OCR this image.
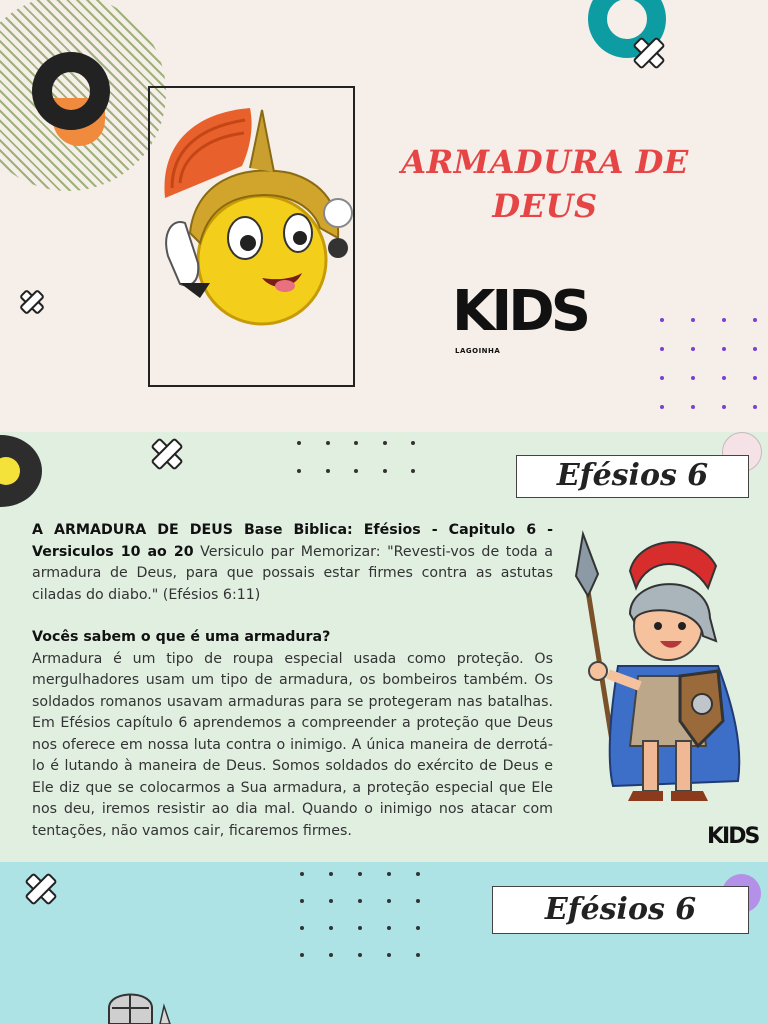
ARMADURA DE DEUS
KIDS
LAGOINHA
Efésios 6

A ARMADURA DE DEUS Base Biblica: Efésios - Capitulo 6 - Versiculos 10 ao 20 Versiculo par Memorizar: "Revesti-vos de toda a armadura de Deus, para que possais estar firmes contra as astutas ciladas do diabo." (Efésios 6:11)

Vocês sabem o que é uma armadura?

Armadura é um tipo de roupa especial usada como proteção. Os mergulhadores usam um tipo de armadura, os bombeiros também. Os soldados romanos usavam armaduras para se protegeram nas batalhas. Em Efésios capítulo 6 aprendemos a compreender a proteção que Deus nos oferece em nossa luta contra o inimigo. A única maneira de derrotá-lo é lutando à maneira de Deus. Somos soldados do exército de Deus e Ele diz que se colocarmos a Sua armadura, a proteção especial que Ele nos deu, iremos resistir ao dia mal. Quando o inimigo nos atacar com tentações, não vamos cair, ficaremos firmes.	KIDS
Efésios 6
